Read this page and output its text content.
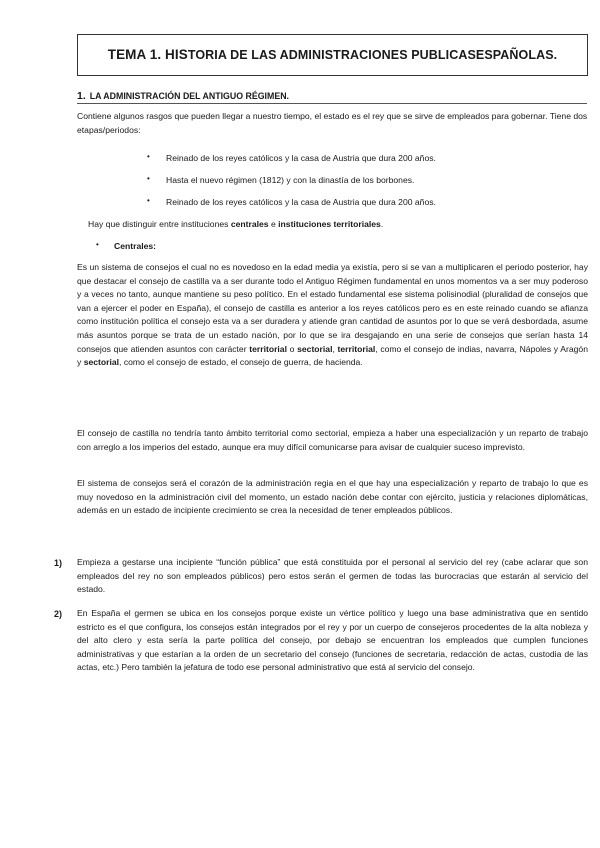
TEMA 1. HISTORIA DE LAS ADMINISTRACIONES PUBLICASESPAÑOLAS.
1. LA ADMINISTRACIÓN DEL ANTIGUO RÉGIMEN.

Contiene algunos rasgos que pueden llegar a nuestro tiempo, el estado es el rey que se sirve de empleados para gobernar. Tiene dos etapas/periodos:

• Reinado de los reyes católicos y la casa de Austria que dura 200 años.
• Hasta el nuevo régimen (1812) y con la dinastía de los borbones.
• Reinado de los reyes católicos y la casa de Austria que dura 200 años.
Hay que distinguir entre instituciones centrales e instituciones territoriales.
• Centrales:

Es un sistema de consejos el cual no es novedoso en la edad media ya existía, pero si se van a multiplicaren el periodo posterior, hay que destacar el consejo de castilla va a ser durante todo el Antiguo Régimen fundamental en unos momentos va a ser muy poderoso y a veces no tanto, aunque mantiene su peso político. En el estado fundamental ese sistema polisinodial (pluralidad de consejos que van a ejercer el poder en España), el consejo de castilla es anterior a los reyes católicos pero es en este reinado cuando se afianza como institución política el consejo esta va a ser duradera y atiende gran cantidad de asuntos por lo que se verá desbordada, asume más asuntos porque se trata de un estado nación, por lo que se ira desgajando en una serie de consejos que serían hasta 14 consejos que atienden asuntos con carácter territorial o sectorial, territorial, como el consejo de indias, navarra, Nápoles y Aragón y sectorial, como el consejo de estado, el consejo de guerra, de hacienda.

El consejo de castilla no tendría tanto ámbito territorial como sectorial, empieza a haber una especialización y un reparto de trabajo con arreglo a los imperios del estado, aunque era muy difícil comunicarse para avisar de cualquier suceso imprevisto.

El sistema de consejos será el corazón de la administración regia en el que hay una especialización y reparto de trabajo lo que es muy novedoso en la administración civil del momento, un estado nación debe contar con ejército, justicia y relaciones diplomáticas, además en un estado de incipiente crecimiento se crea la necesidad de tener empleados públicos.

1) Empieza a gestarse una incipiente “función pública” que está constituida por el personal al servicio del rey (cabe aclarar que son empleados del rey no son empleados públicos) pero estos serán el germen de todas las burocracias que estarán al servicio del estado.

2) En España el germen se ubica en los consejos porque existe un vértice político y luego una base administrativa que en sentido estricto es el que configura, los consejos están integrados por el rey y por un cuerpo de consejeros procedentes de la alta nobleza y del alto clero y esta sería la parte política del consejo, por debajo se encuentran los empleados que cumplen funciones administrativas y que estarían a la orden de un secretario del consejo (funciones de secretaria, redacción de actas, custodia de las actas, etc.) Pero también la jefatura de todo ese personal administrativo que está al servicio del consejo.
